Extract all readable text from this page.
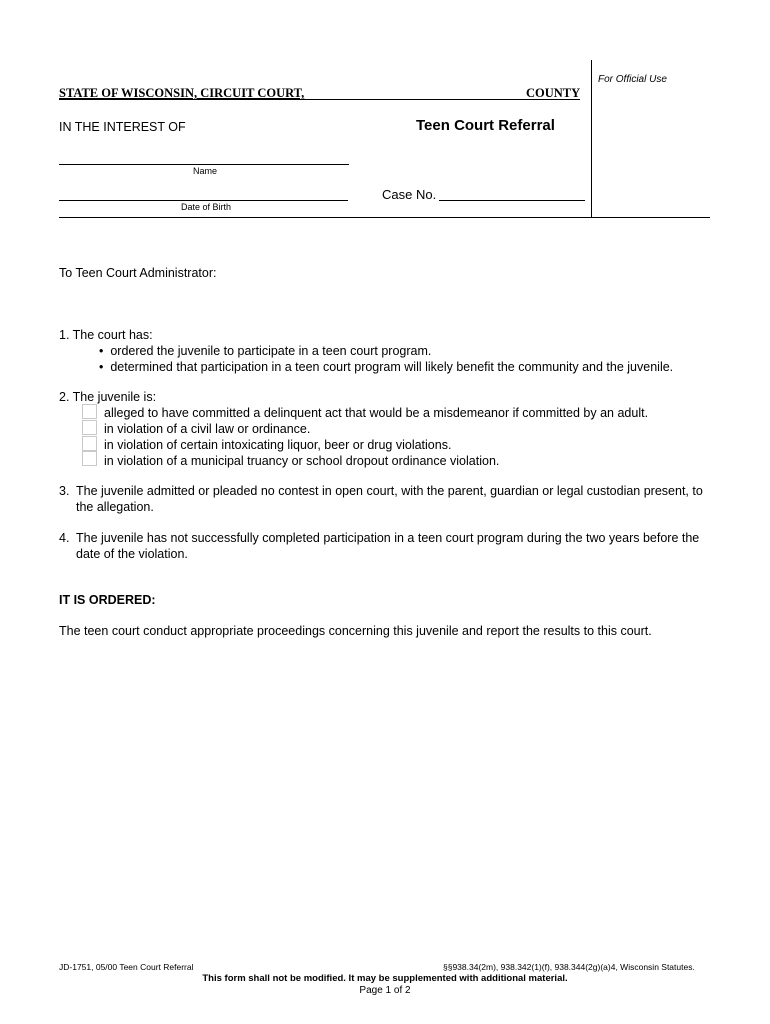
For Official Use
STATE OF WISCONSIN, CIRCUIT COURT,	COUNTY
IN THE INTEREST OF	Teen Court Referral
Name
Date of Birth
Case No.
To Teen Court Administrator:
1. The court has:
• ordered the juvenile to participate in a teen court program.
• determined that participation in a teen court program will likely benefit the community and the juvenile.
2. The juvenile is:
alleged to have committed a delinquent act that would be a misdemeanor if committed by an adult.
in violation of a civil law or ordinance.
in violation of certain intoxicating liquor, beer or drug violations.
in violation of a municipal truancy or school dropout ordinance violation.
3. The juvenile admitted or pleaded no contest in open court, with the parent, guardian or legal custodian present, to
the allegation.
4. The juvenile has not successfully completed participation in a teen court program during the two years before the
date of the violation.
IT IS ORDERED:
The teen court conduct appropriate proceedings concerning this juvenile and report the results to this court.
JD-1751, 05/00 Teen Court Referral	§§938.34(2m), 938.342(1)(f), 938.344(2g)(a)4, Wisconsin Statutes.
This form shall not be modified. It may be supplemented with additional material.
Page 1 of 2
